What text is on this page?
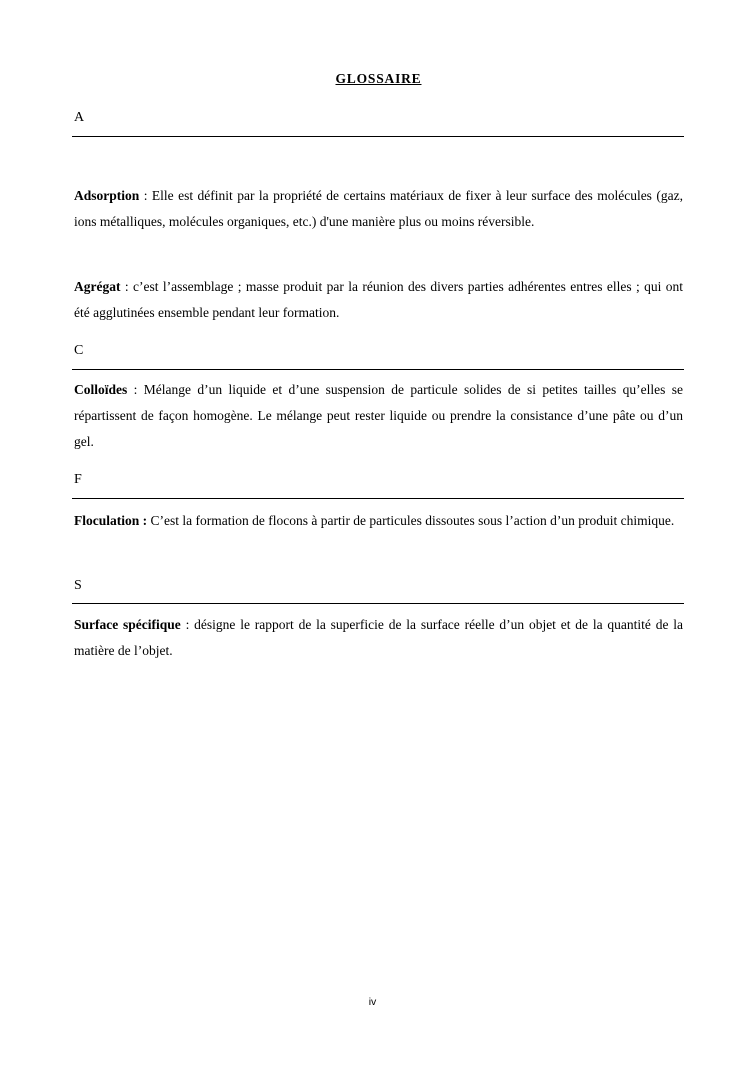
GLOSSAIRE
A

Adsorption : Elle est définit par la propriété de certains matériaux de fixer à leur surface des molécules (gaz, ions métalliques, molécules organiques, etc.) d'une manière plus ou moins réversible.

Agrégat : c’est l’assemblage ; masse produit par la réunion des divers parties adhérentes entres elles ; qui ont été agglutinées ensemble pendant leur formation.

C

Colloïdes : Mélange d’un liquide et d’une suspension de particule solides de si petites tailles qu’elles se répartissent de façon homogène. Le mélange peut rester liquide ou prendre la consistance d’une pâte ou d’un gel.

F

Floculation : C’est la formation de flocons à partir de particules dissoutes sous l’action d’un produit chimique.

S

Surface spécifique : désigne le rapport de la superficie de la surface réelle d’un objet et de la quantité de la matière de l’objet.

iv
